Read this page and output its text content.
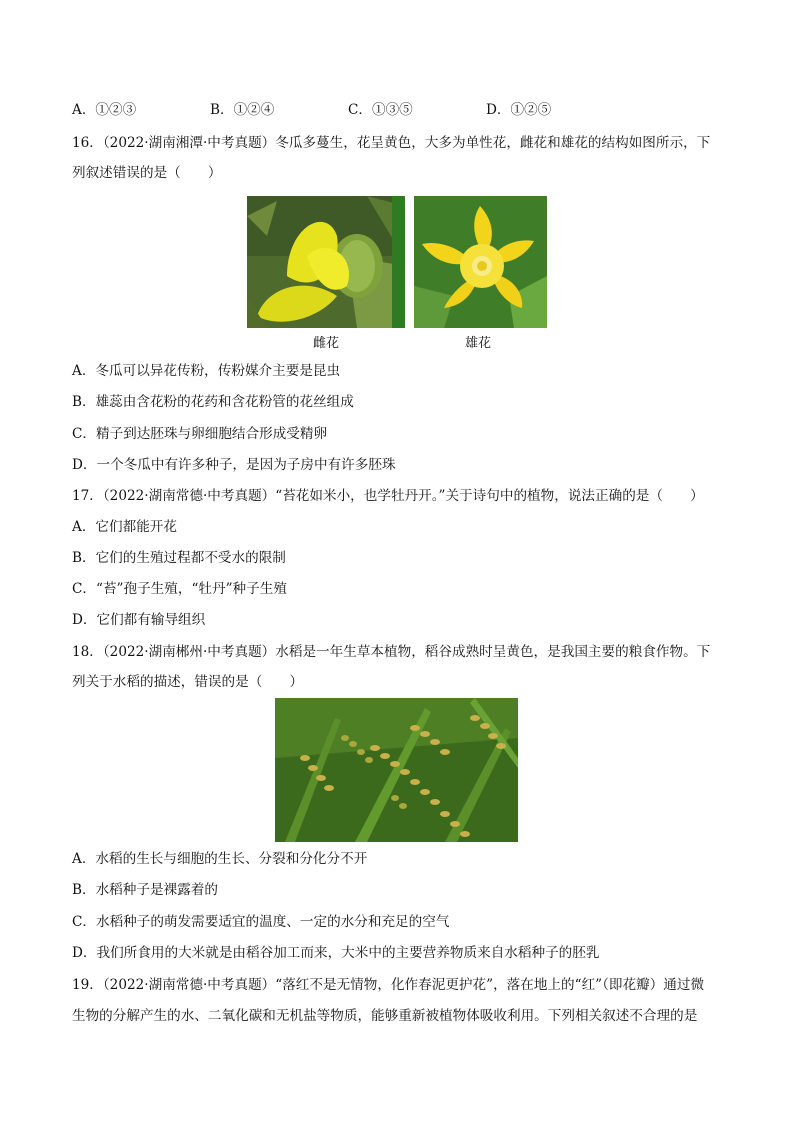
A．①②③	B．①②④	C．①③⑤	D．①②⑤
16．（2022·湖南湘潭·中考真题）冬瓜多蔓生，花呈黄色，大多为单性花，雌花和雄花的结构如图所示，下
列叙述错误的是（　　）
雌花	雄花
A．冬瓜可以异花传粉，传粉媒介主要是昆虫
B．雄蕊由含花粉的花药和含花粉管的花丝组成
C．精子到达胚珠与卵细胞结合形成受精卵
D．一个冬瓜中有许多种子，是因为子房中有许多胚珠
17．（2022·湖南常德·中考真题）“苔花如米小，也学牡丹开。”关于诗句中的植物，说法正确的是（　　）
A．它们都能开花
B．它们的生殖过程都不受水的限制
C．“苔”孢子生殖，“牡丹”种子生殖
D．它们都有输导组织
18．（2022·湖南郴州·中考真题）水稻是一年生草本植物，稻谷成熟时呈黄色，是我国主要的粮食作物。下
列关于水稻的描述，错误的是（　　）
A．水稻的生长与细胞的生长、分裂和分化分不开
B．水稻种子是裸露着的
C．水稻种子的萌发需要适宜的温度、一定的水分和充足的空气
D．我们所食用的大米就是由稻谷加工而来，大米中的主要营养物质来自水稻种子的胚乳
19．（2022·湖南常德·中考真题）“落红不是无情物，化作春泥更护花”，落在地上的“红”（即花瓣）通过微
生物的分解产生的水、二氧化碳和无机盐等物质，能够重新被植物体吸收利用。下列相关叙述不合理的是
